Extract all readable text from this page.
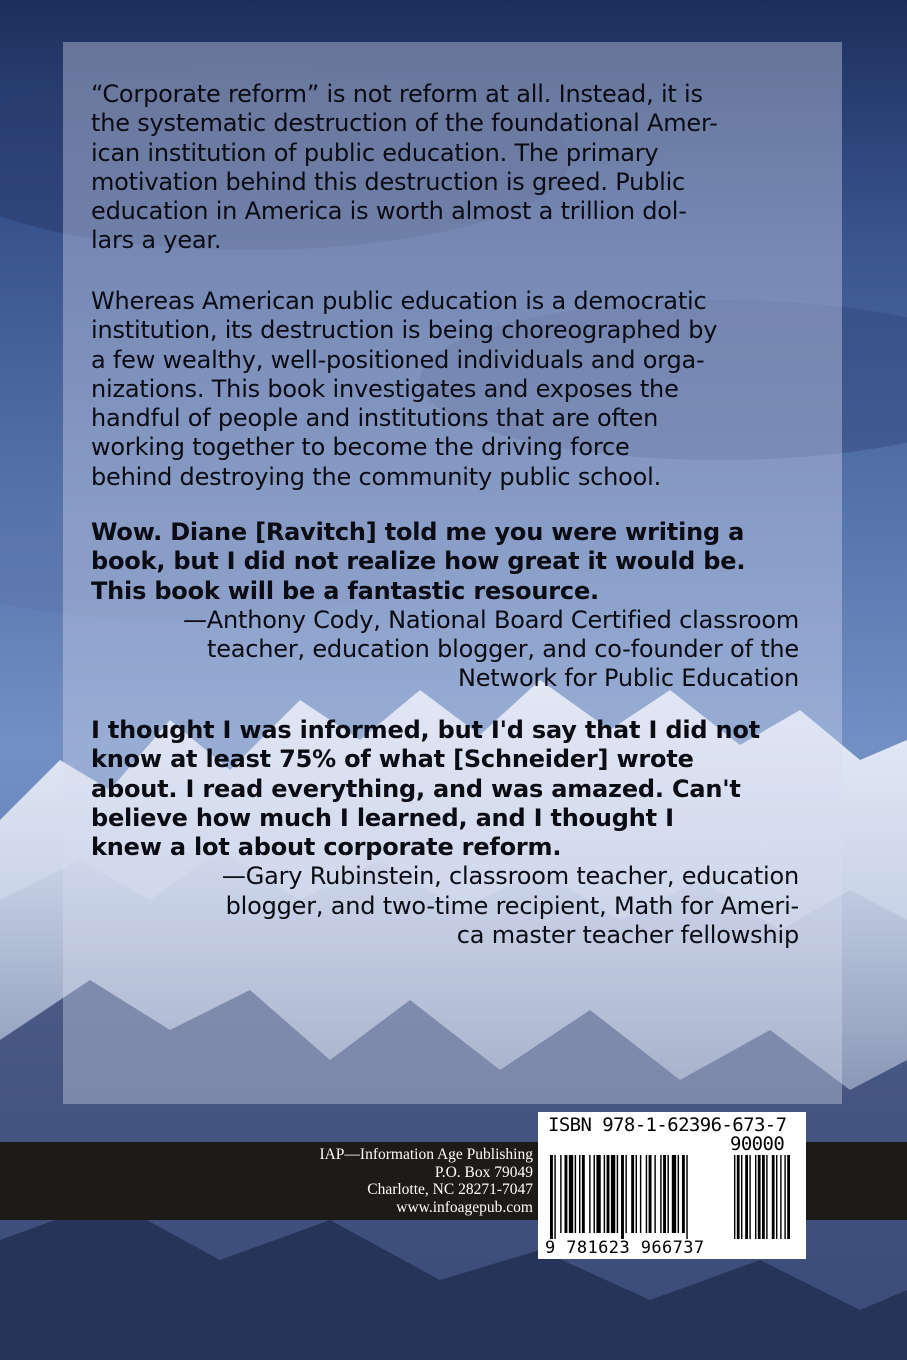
“Corporate reform” is not reform at all. Instead, it is
the systematic destruction of the foundational Amer-
ican institution of public education. The primary
motivation behind this destruction is greed. Public
education in America is worth almost a trillion dol-
lars a year.
Whereas American public education is a democratic
institution, its destruction is being choreographed by
a few wealthy, well-positioned individuals and orga-
nizations. This book investigates and exposes the
handful of people and institutions that are often
working together to become the driving force
behind destroying the community public school.
Wow. Diane [Ravitch] told me you were writing a
book, but I did not realize how great it would be.
This book will be a fantastic resource.
—Anthony Cody, National Board Certified classroom
teacher, education blogger, and co-founder of the
Network for Public Education
I thought I was informed, but I'd say that I did not
know at least 75% of what [Schneider] wrote
about. I read everything, and was amazed. Can't
believe how much I learned, and I thought I
knew a lot about corporate reform.
—Gary Rubinstein, classroom teacher, education
blogger, and two-time recipient, Math for Ameri-
ca master teacher fellowship
IAP—Information Age Publishing
P.O. Box 79049
Charlotte, NC 28271-7047
www.infoagepub.com
ISBN 978-1-62396-673-7
90000
9 781623 966737
